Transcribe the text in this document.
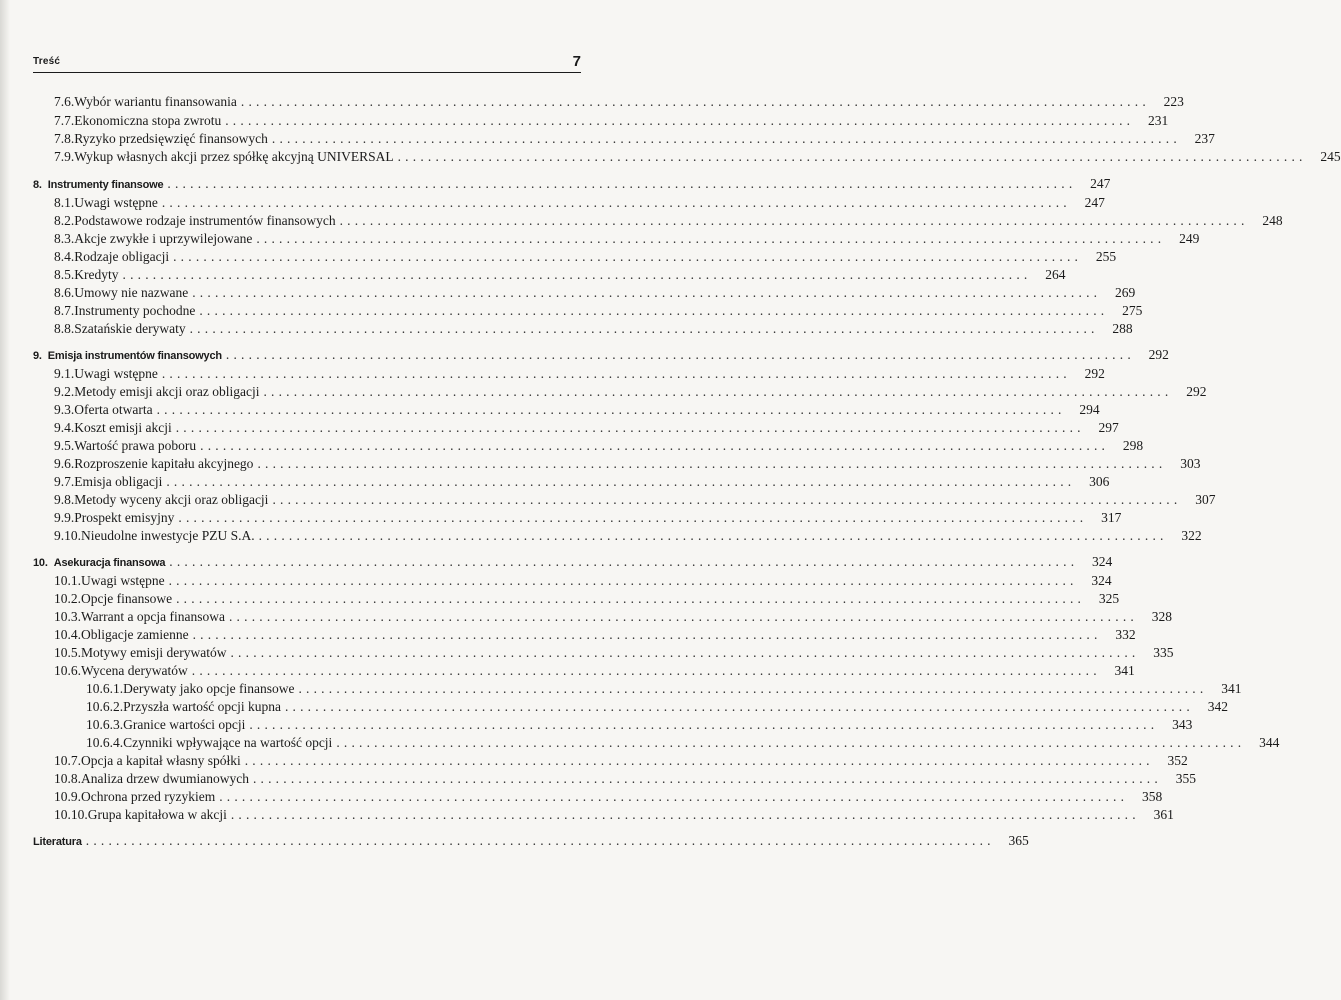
Treść	7
7.6. Wybór wariantu finansowania ........................................................................................................................	223
7.7. Ekonomiczna stopa zwrotu ........................................................................................................................	231
7.8. Ryzyko przedsięwzięć finansowych ........................................................................................................................	237
7.9. Wykup własnych akcji przez spółkę akcyjną UNIVERSAL ........................................................................................................................	245
8. Instrumenty finansowe ........................................................................................................................	247
8.1. Uwagi wstępne ........................................................................................................................	247
8.2. Podstawowe rodzaje instrumentów finansowych ........................................................................................................................	248
8.3. Akcje zwykłe i uprzywilejowane ........................................................................................................................	249
8.4. Rodzaje obligacji ........................................................................................................................	255
8.5. Kredyty ........................................................................................................................	264
8.6. Umowy nie nazwane ........................................................................................................................	269
8.7. Instrumenty pochodne ........................................................................................................................	275
8.8. Szatańskie derywaty ........................................................................................................................	288
9. Emisja instrumentów finansowych ........................................................................................................................	292
9.1. Uwagi wstępne ........................................................................................................................	292
9.2. Metody emisji akcji oraz obligacji ........................................................................................................................	292
9.3. Oferta otwarta ........................................................................................................................	294
9.4. Koszt emisji akcji ........................................................................................................................	297
9.5. Wartość prawa poboru ........................................................................................................................	298
9.6. Rozproszenie kapitału akcyjnego ........................................................................................................................	303
9.7. Emisja obligacji ........................................................................................................................	306
9.8. Metody wyceny akcji oraz obligacji ........................................................................................................................	307
9.9. Prospekt emisyjny ........................................................................................................................	317
9.10. Nieudolne inwestycje PZU S.A. ........................................................................................................................	322
10. Asekuracja finansowa ........................................................................................................................	324
10.1. Uwagi wstępne ........................................................................................................................	324
10.2. Opcje finansowe ........................................................................................................................	325
10.3. Warrant a opcja finansowa ........................................................................................................................	328
10.4. Obligacje zamienne ........................................................................................................................	332
10.5. Motywy emisji derywatów ........................................................................................................................	335
10.6. Wycena derywatów ........................................................................................................................	341
10.6.1. Derywaty jako opcje finansowe ........................................................................................................................	341
10.6.2. Przyszła wartość opcji kupna ........................................................................................................................	342
10.6.3. Granice wartości opcji ........................................................................................................................	343
10.6.4. Czynniki wpływające na wartość opcji ........................................................................................................................	344
10.7. Opcja a kapitał własny spółki ........................................................................................................................	352
10.8. Analiza drzew dwumianowych ........................................................................................................................	355
10.9. Ochrona przed ryzykiem ........................................................................................................................	358
10.10. Grupa kapitałowa w akcji ........................................................................................................................	361
Literatura ........................................................................................................................	365
